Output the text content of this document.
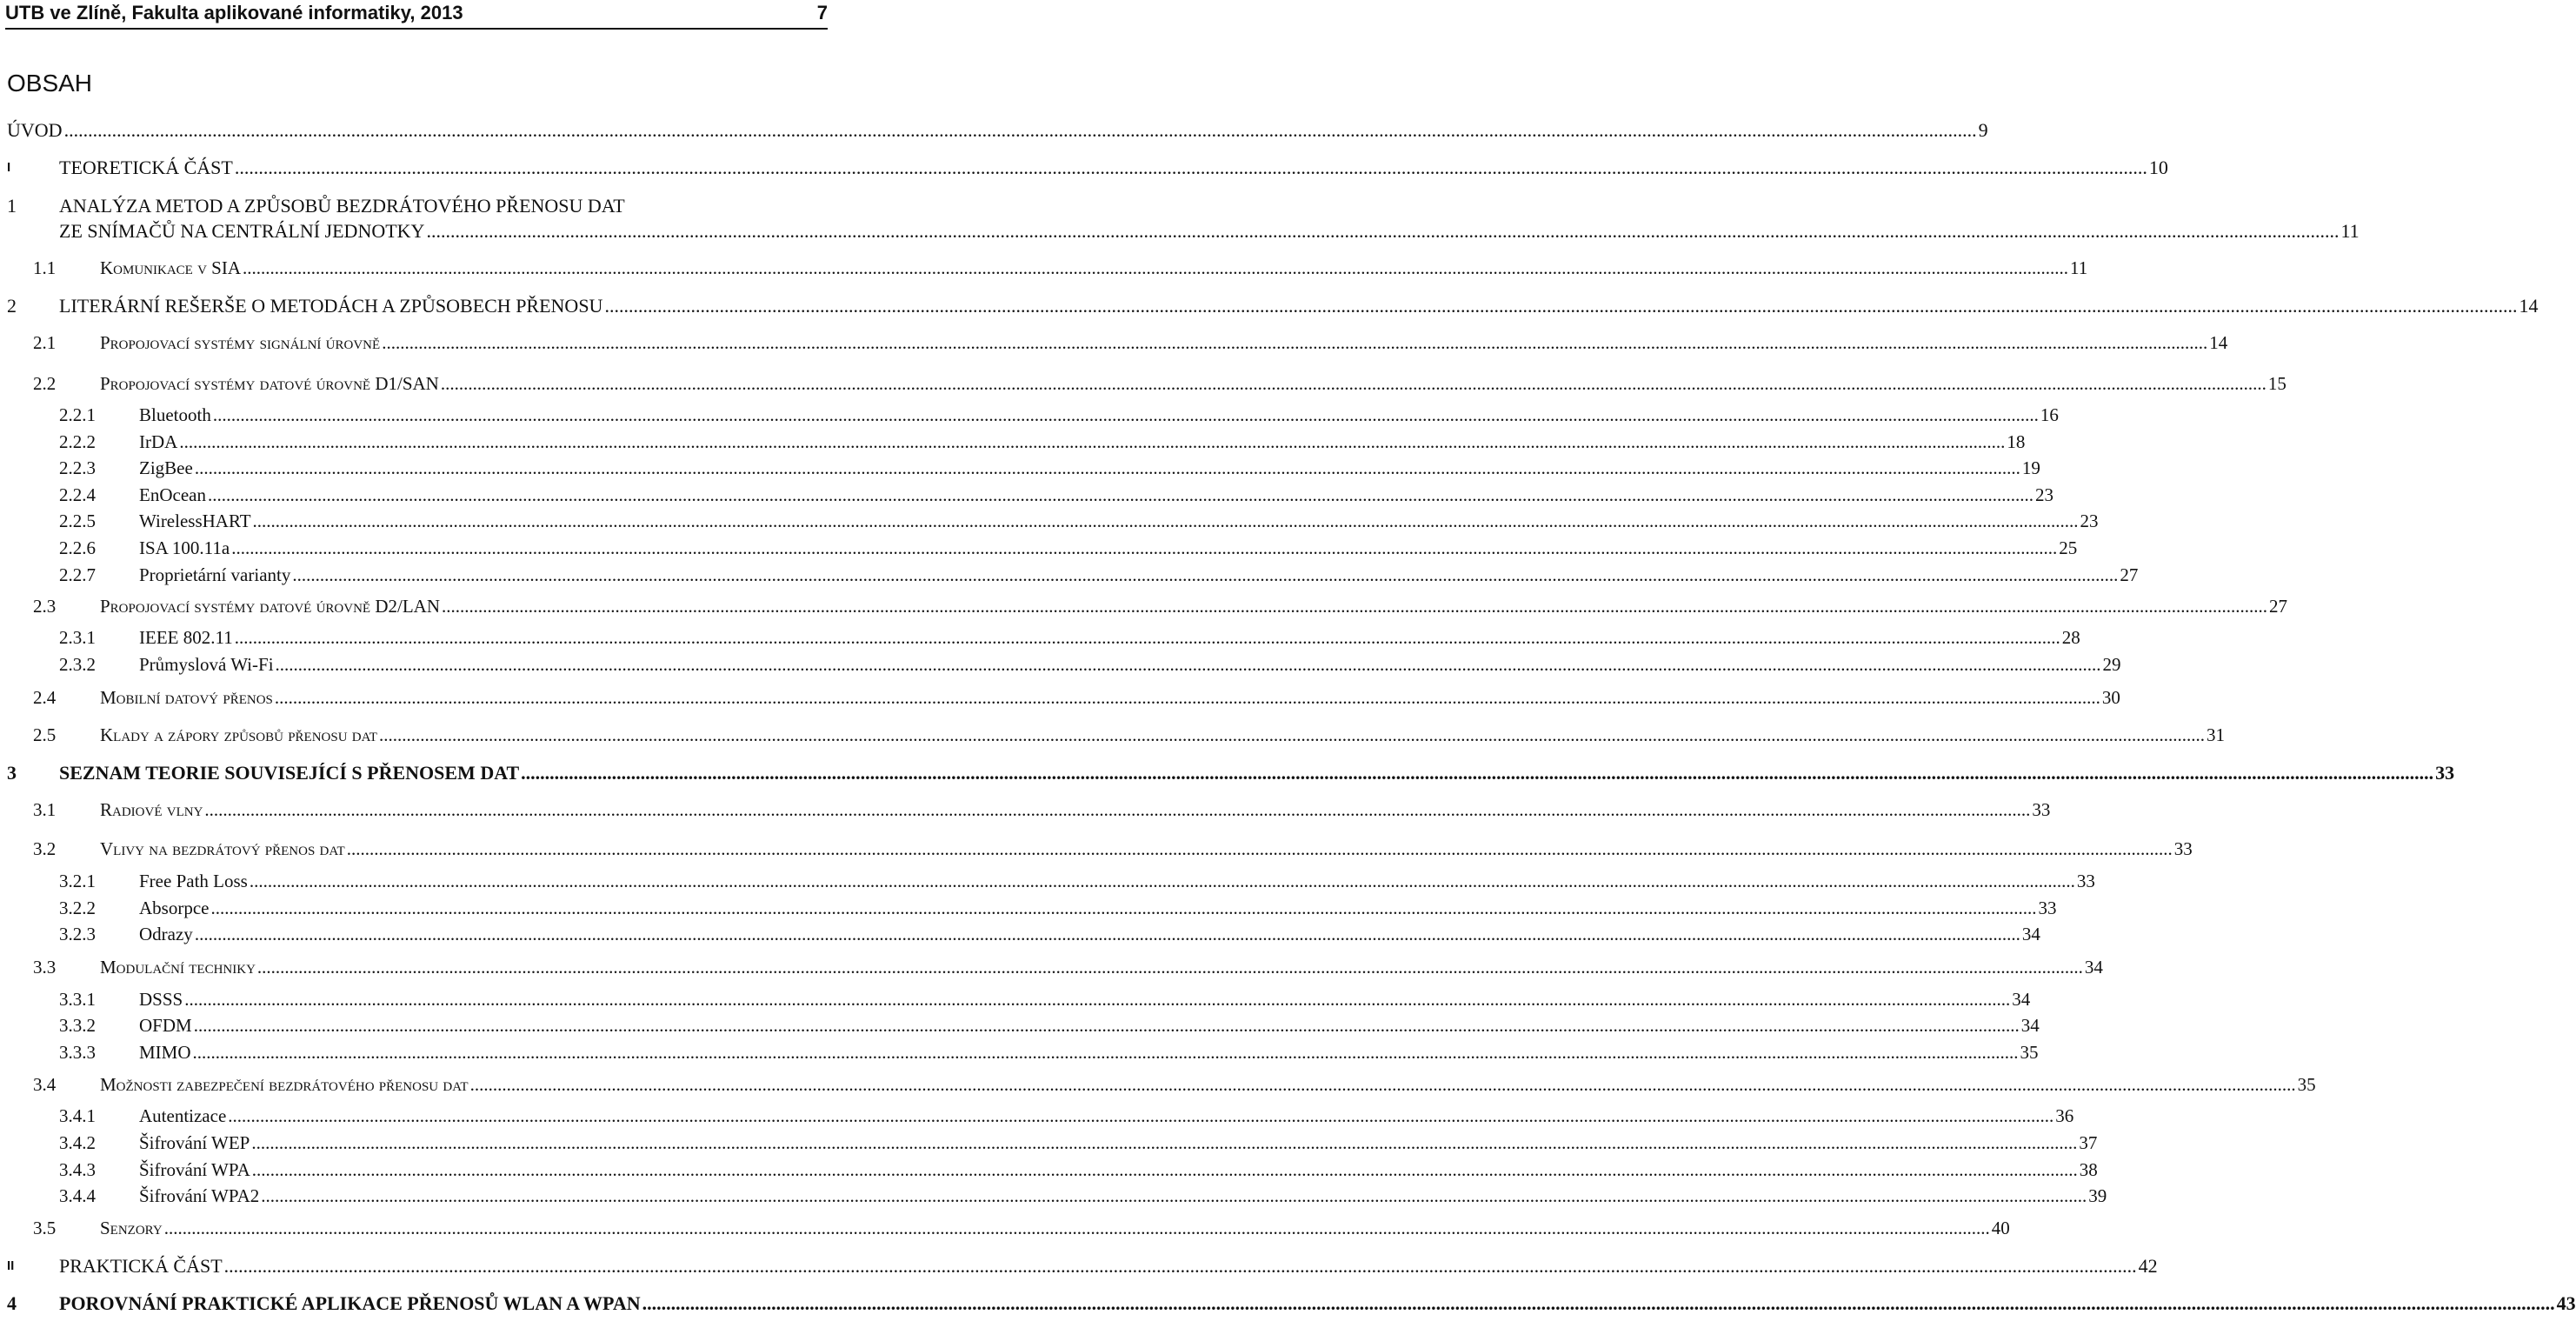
UTB ve Zlíně, Fakulta aplikované informatiky, 2013	7
OBSAH
ÚVOD ................................................................................................................................................................................................................................................................................................................................................................................................................ 9
I	TEORETICKÁ ČÁST ................................................................................................................................................................................................................................................................................................................................................................................................................ 10
1 ANALÝZA METOD A ZPŮSOBŮ BEZDRÁTOVÉHO PŘENOSU DAT
ZE SNÍMAČŮ NA CENTRÁLNÍ JEDNOTKY ................................................................................................................................................................................................................................................................................................................................................................................................................ 11
1.1 Komunikace v SIA ................................................................................................................................................................................................................................................................................................................................................................................................................ 11
2 LITERÁRNÍ REŠERŠE O METODÁCH A ZPŮSOBECH PŘENOSU ................................................................................................................................................................................................................................................................................................................................................................................................................ 14
2.1 Propojovací systémy signální úrovně ................................................................................................................................................................................................................................................................................................................................................................................................................ 14
2.2 Propojovací systémy datové úrovně D1/SAN ................................................................................................................................................................................................................................................................................................................................................................................................................ 15
2.2.1 Bluetooth ................................................................................................................................................................................................................................................................................................................................................................................................................ 16
2.2.2 IrDA ................................................................................................................................................................................................................................................................................................................................................................................................................ 18
2.2.3 ZigBee ................................................................................................................................................................................................................................................................................................................................................................................................................ 19
2.2.4 EnOcean ................................................................................................................................................................................................................................................................................................................................................................................................................ 23
2.2.5 WirelessHART ................................................................................................................................................................................................................................................................................................................................................................................................................ 23
2.2.6 ISA 100.11a ................................................................................................................................................................................................................................................................................................................................................................................................................ 25
2.2.7 Proprietární varianty ................................................................................................................................................................................................................................................................................................................................................................................................................ 27
2.3 Propojovací systémy datové úrovně D2/LAN ................................................................................................................................................................................................................................................................................................................................................................................................................ 27
2.3.1 IEEE 802.11 ................................................................................................................................................................................................................................................................................................................................................................................................................ 28
2.3.2 Průmyslová Wi-Fi ................................................................................................................................................................................................................................................................................................................................................................................................................ 29
2.4 Mobilní datový přenos ................................................................................................................................................................................................................................................................................................................................................................................................................ 30
2.5 Klady a zápory způsobů přenosu dat ................................................................................................................................................................................................................................................................................................................................................................................................................ 31
3 SEZNAM TEORIE SOUVISEJÍCÍ S PŘENOSEM DAT ................................................................................................................................................................................................................................................................................................................................................................................................................ 33
3.1 Radiové vlny ................................................................................................................................................................................................................................................................................................................................................................................................................ 33
3.2 Vlivy na bezdrátový přenos dat ................................................................................................................................................................................................................................................................................................................................................................................................................ 33
3.2.1 Free Path Loss ................................................................................................................................................................................................................................................................................................................................................................................................................ 33
3.2.2 Absorpce ................................................................................................................................................................................................................................................................................................................................................................................................................ 33
3.2.3 Odrazy ................................................................................................................................................................................................................................................................................................................................................................................................................ 34
3.3 Modulační techniky ................................................................................................................................................................................................................................................................................................................................................................................................................ 34
3.3.1 DSSS ................................................................................................................................................................................................................................................................................................................................................................................................................ 34
3.3.2 OFDM ................................................................................................................................................................................................................................................................................................................................................................................................................ 34
3.3.3 MIMO ................................................................................................................................................................................................................................................................................................................................................................................................................ 35
3.4 Možnosti zabezpečení bezdrátového přenosu dat ................................................................................................................................................................................................................................................................................................................................................................................................................ 35
3.4.1 Autentizace ................................................................................................................................................................................................................................................................................................................................................................................................................ 36
3.4.2 Šifrování WEP ................................................................................................................................................................................................................................................................................................................................................................................................................ 37
3.4.3 Šifrování WPA ................................................................................................................................................................................................................................................................................................................................................................................................................ 38
3.4.4 Šifrování WPA2 ................................................................................................................................................................................................................................................................................................................................................................................................................ 39
3.5 Senzory ................................................................................................................................................................................................................................................................................................................................................................................................................ 40
II PRAKTICKÁ ČÁST ................................................................................................................................................................................................................................................................................................................................................................................................................ 42
4 POROVNÁNÍ PRAKTICKÉ APLIKACE PŘENOSŮ WLAN A WPAN ................................................................................................................................................................................................................................................................................................................................................................................................................ 43
